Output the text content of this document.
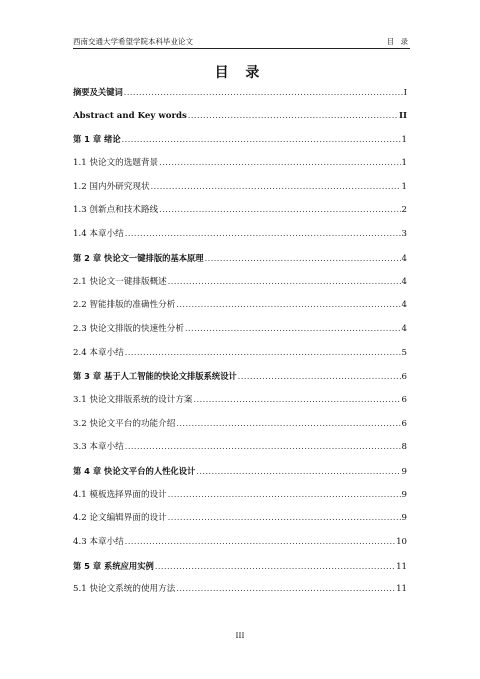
西南交通大学希望学院本科毕业论文	目 录
目 录
摘要及关键词 .....	I
Abstract and Key words .....	II
第 1 章 绪论 .....	1
1.1 快论文的选题背景 .....	1
1.2 国内外研究现状 .....	1
1.3 创新点和技术路线 .....	2
1.4 本章小结 .....	3
第 2 章 快论文一键排版的基本原理 .....	4
2.1 快论文一键排版概述 .....	4
2.2 智能排版的准确性分析 .....	4
2.3 快论文排版的快速性分析 .....	4
2.4 本章小结 .....	5
第 3 章 基于人工智能的快论文排版系统设计 .....	6
3.1 快论文排版系统的设计方案 .....	6
3.2 快论文平台的功能介绍 .....	6
3.3 本章小结 .....	8
第 4 章 快论文平台的人性化设计 .....	9
4.1 模板选择界面的设计 .....	9
4.2 论文编辑界面的设计 .....	9
4.3 本章小结 .....	10
第 5 章 系统应用实例 .....	11
5.1 快论文系统的使用方法 .....	11
III
